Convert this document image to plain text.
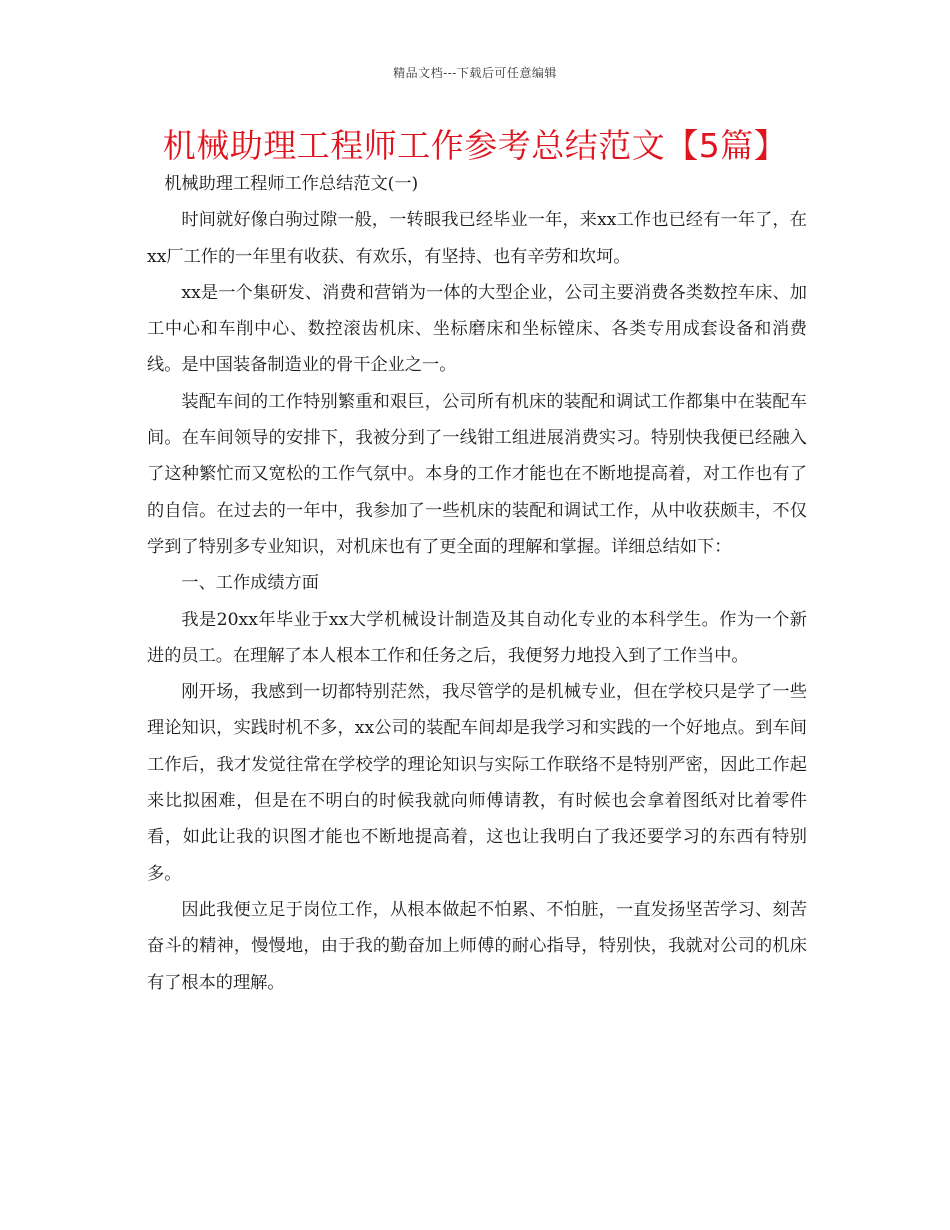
精品文档---下载后可任意编辑
机械助理工程师工作参考总结范文【5篇】

机械助理工程师工作总结范文(一)

时间就好像白驹过隙一般，一转眼我已经毕业一年，来xx工作也已经有一年了，在xx厂工作的一年里有收获、有欢乐，有坚持、也有辛劳和坎坷。

xx是一个集研发、消费和营销为一体的大型企业，公司主要消费各类数控车床、加工中心和车削中心、数控滚齿机床、坐标磨床和坐标镗床、各类专用成套设备和消费线。是中国装备制造业的骨干企业之一。

装配车间的工作特别繁重和艰巨，公司所有机床的装配和调试工作都集中在装配车间。在车间领导的安排下，我被分到了一线钳工组进展消费实习。特别快我便已经融入了这种繁忙而又宽松的工作气氛中。本身的工作才能也在不断地提高着，对工作也有了的自信。在过去的一年中，我参加了一些机床的装配和调试工作，从中收获颇丰，不仅学到了特别多专业知识，对机床也有了更全面的理解和掌握。详细总结如下：

一、工作成绩方面

我是20xx年毕业于xx大学机械设计制造及其自动化专业的本科学生。作为一个新进的员工。在理解了本人根本工作和任务之后，我便努力地投入到了工作当中。

刚开场，我感到一切都特别茫然，我尽管学的是机械专业，但在学校只是学了一些理论知识，实践时机不多，xx公司的装配车间却是我学习和实践的一个好地点。到车间工作后，我才发觉往常在学校学的理论知识与实际工作联络不是特别严密，因此工作起来比拟困难，但是在不明白的时候我就向师傅请教，有时候也会拿着图纸对比着零件看，如此让我的识图才能也不断地提高着，这也让我明白了我还要学习的东西有特别多。

因此我便立足于岗位工作，从根本做起不怕累、不怕脏，一直发扬坚苦学习、刻苦奋斗的精神，慢慢地，由于我的勤奋加上师傅的耐心指导，特别快，我就对公司的机床有了根本的理解。
